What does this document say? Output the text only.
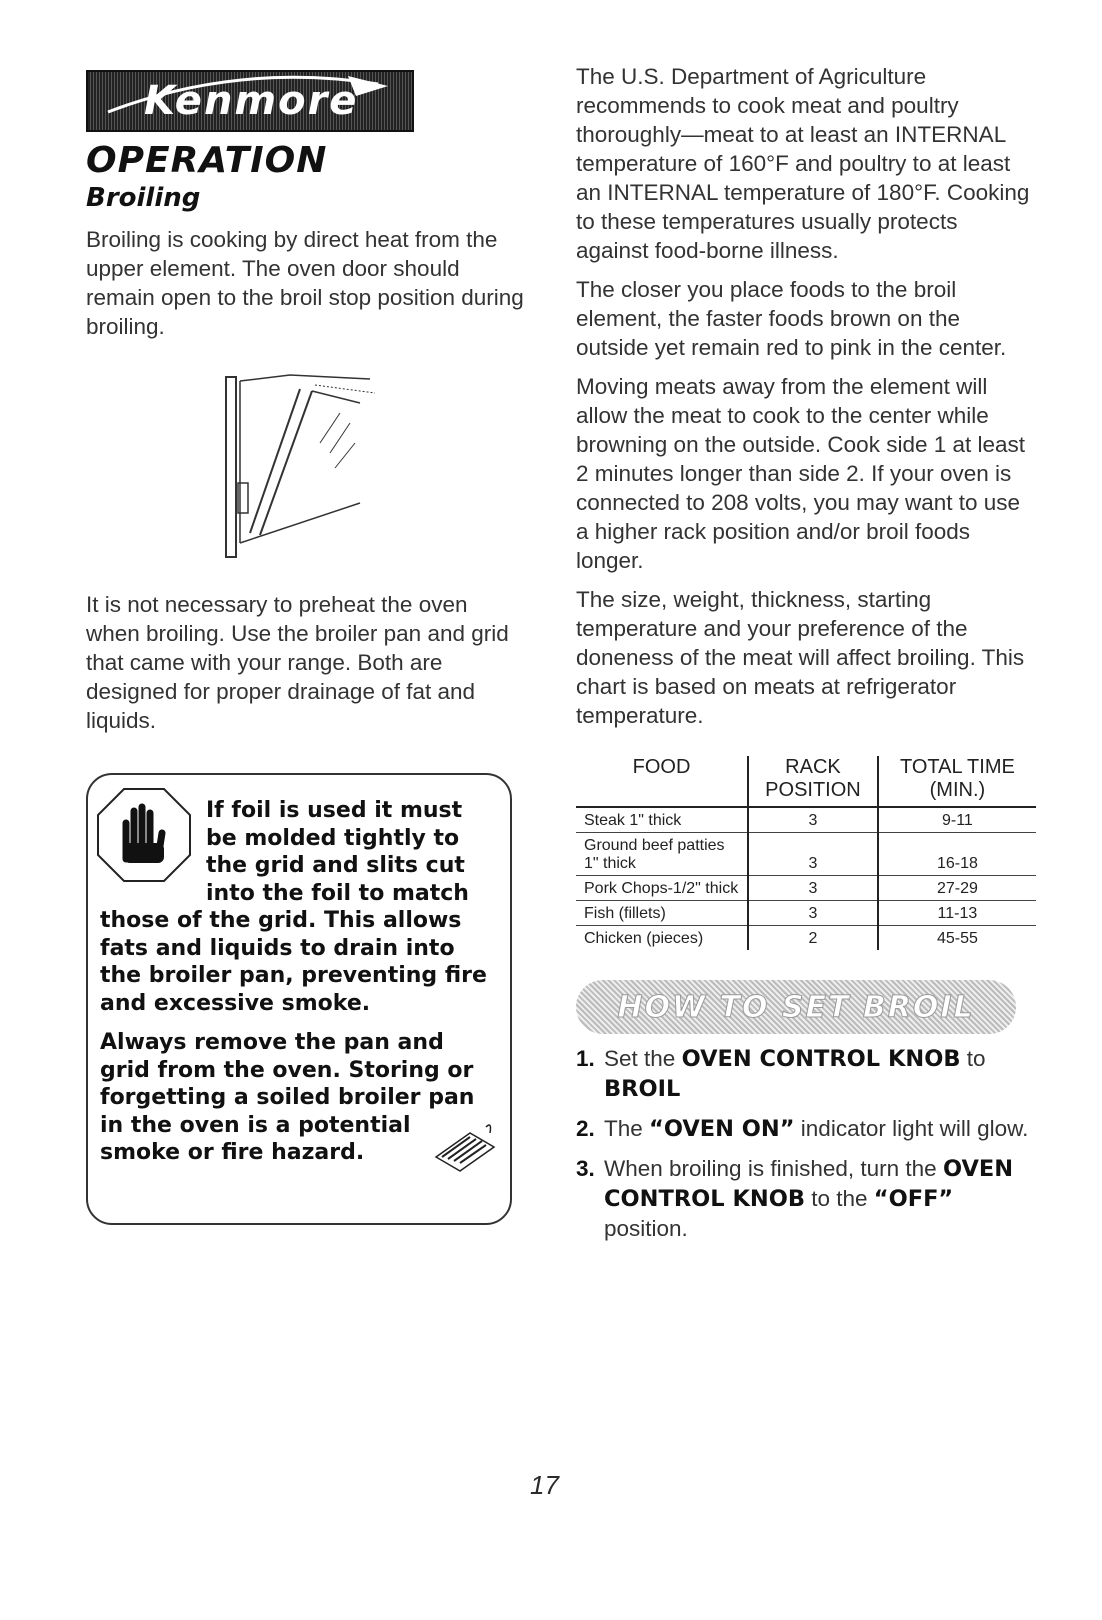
Kenmore
OPERATION
Broiling

Broiling is cooking by direct heat from the upper element. The oven door should remain open to the broil stop position during broiling.

It is not necessary to preheat the oven when broiling. Use the broiler pan and grid that came with your range. Both are designed for proper drainage of fat and liquids.

If foil is used it must be molded tightly to the grid and slits cut into the foil to match
those of the grid. This allows fats and liquids to drain into the broiler pan, preventing fire and excessive smoke.
Always remove the pan and grid from the oven. Storing or forgetting a soiled broiler pan in the oven is a potential smoke or fire hazard.

The U.S. Department of Agriculture recommends to cook meat and poultry thoroughly—meat to at least an INTERNAL temperature of 160°F and poultry to at least an INTERNAL temperature of 180°F. Cooking to these temperatures usually protects against food-borne illness.

The closer you place foods to the broil element, the faster foods brown on the outside yet remain red to pink in the center.

Moving meats away from the element will allow the meat to cook to the center while browning on the outside. Cook side 1 at least 2 minutes longer than side 2. If your oven is connected to 208 volts, you may want to use a higher rack position and/or broil foods longer.

The size, weight, thickness, starting temperature and your preference of the doneness of the meat will affect broiling. This chart is based on meats at refrigerator temperature.

FOOD	RACK POSITION	TOTAL TIME (MIN.)
Steak 1" thick	3	9-11
Ground beef patties 1" thick	3	16-18
Pork Chops-1/2" thick	3	27-29
Fish (fillets)	3	11-13
Chicken (pieces)	2	45-55
HOW TO SET BROIL
1. Set the OVEN CONTROL KNOB to BROIL
2. The “OVEN ON” indicator light will glow.
3. When broiling is finished, turn the OVEN CONTROL KNOB to the “OFF” position.
17
